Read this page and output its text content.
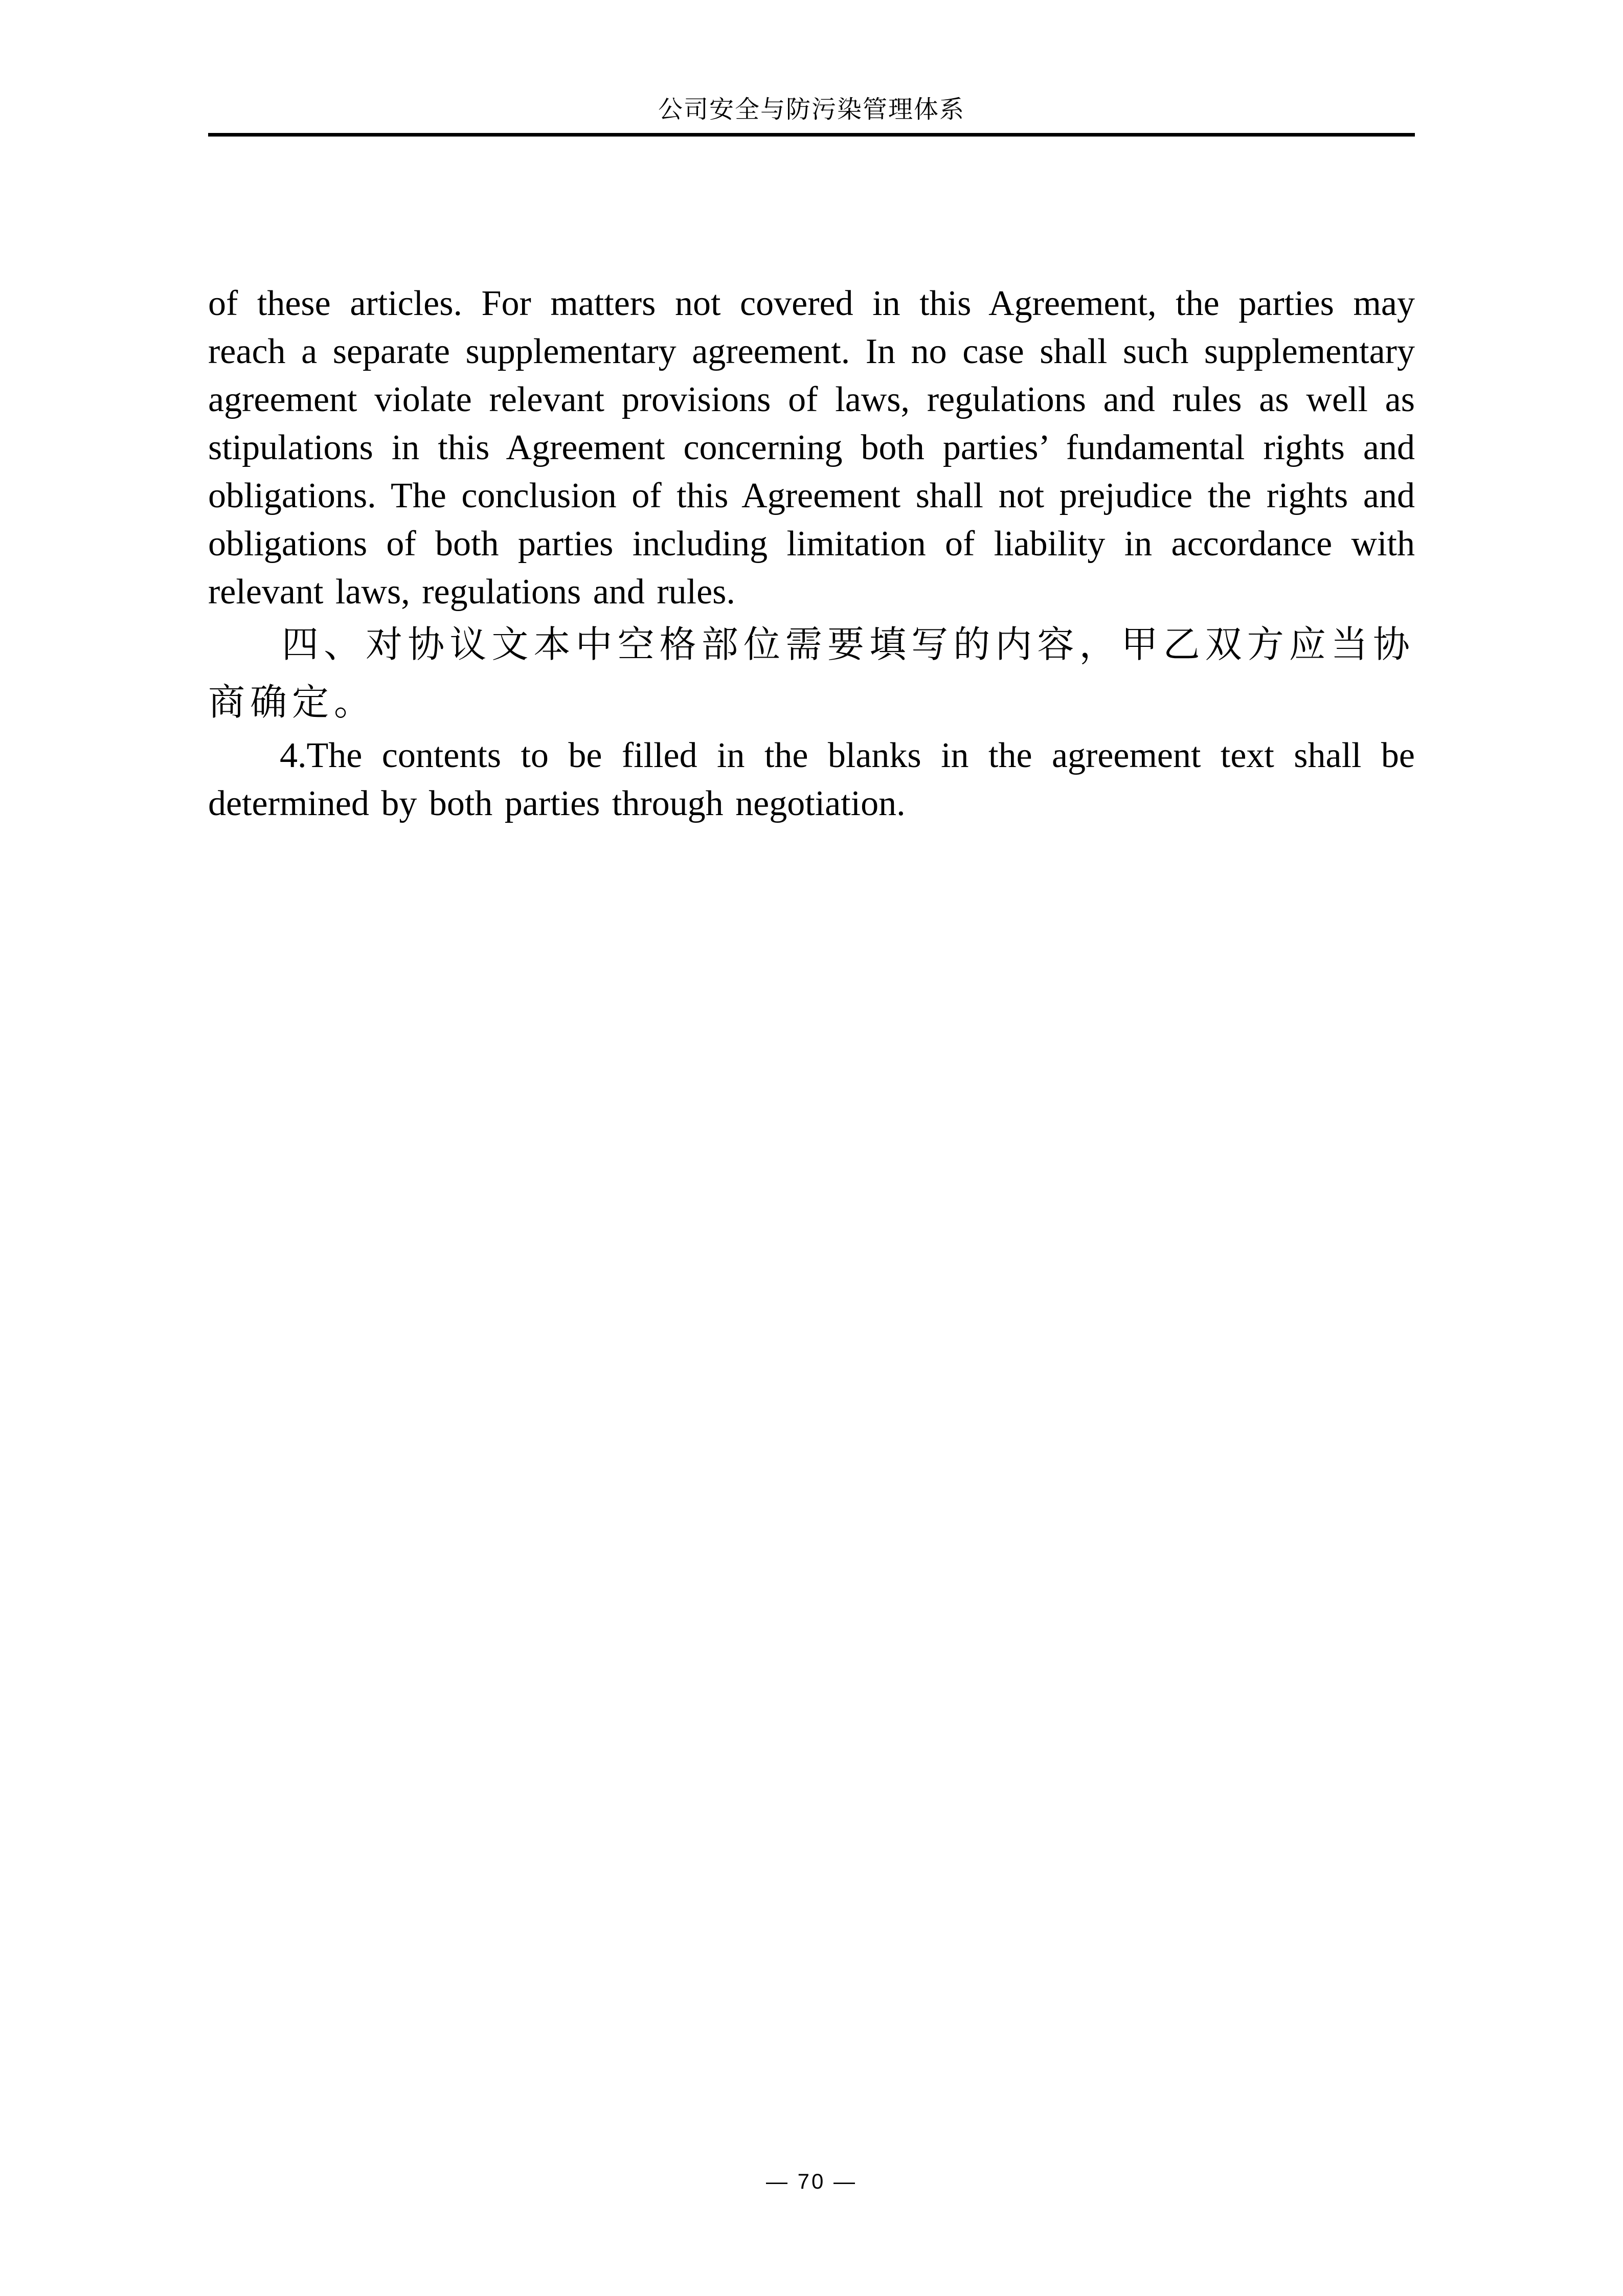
公司安全与防污染管理体系

of these articles. For matters not covered in this Agreement, the parties may reach a separate supplementary agreement. In no case shall such supplementary agreement violate relevant provisions of laws, regulations and rules as well as stipulations in this Agreement concerning both parties’ fundamental rights and obligations. The conclusion of this Agreement shall not prejudice the rights and obligations of both parties including limitation of liability in accordance with relevant laws, regulations and rules.

四、对协议文本中空格部位需要填写的内容，甲乙双方应当协商确定。

4.The contents to be filled in the blanks in the agreement text shall be determined by both parties through negotiation.

— 70 —
